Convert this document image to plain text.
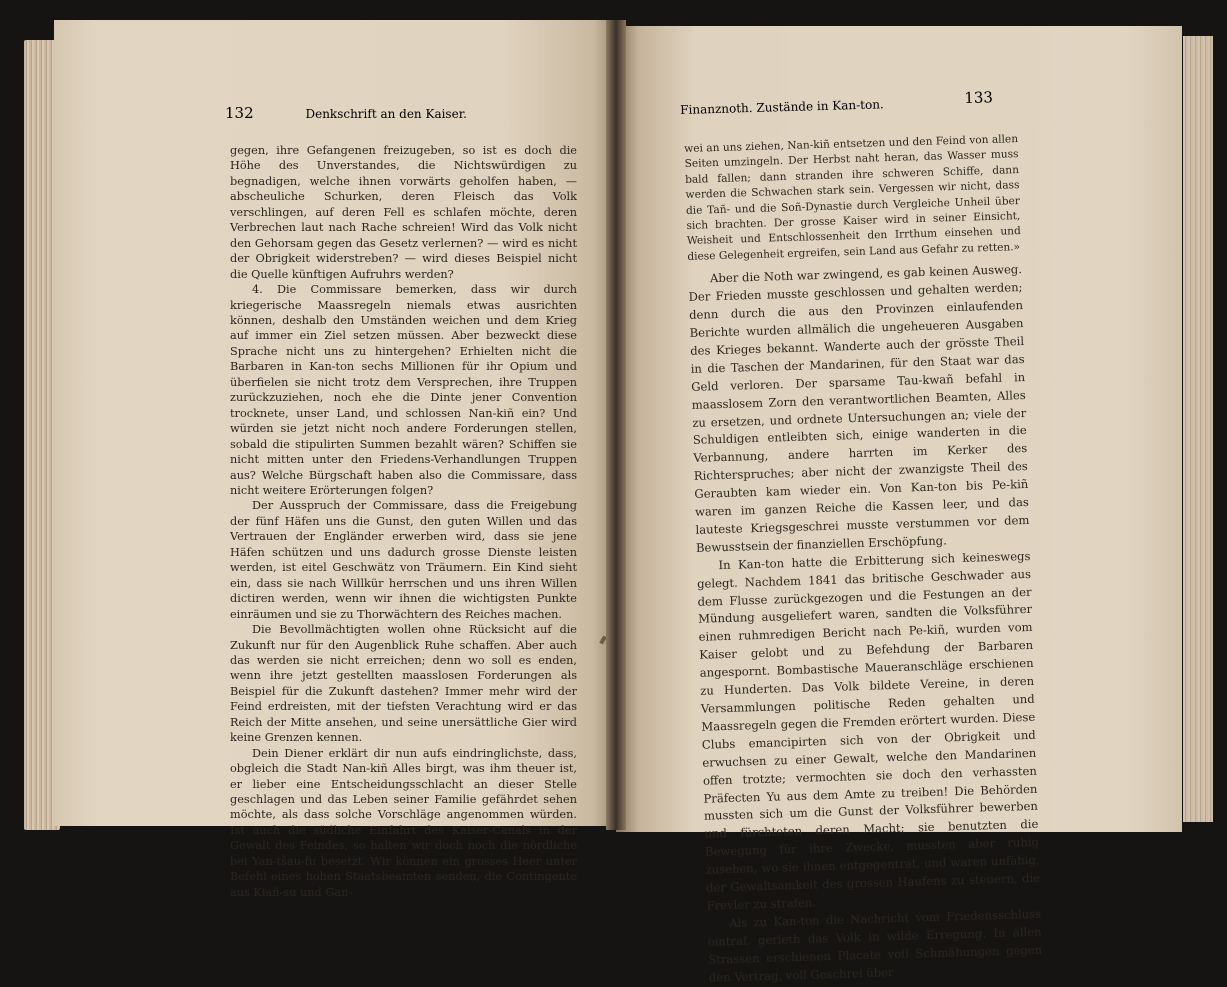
132	Denkschrift an den Kaiser.	Finanznoth. Zustände in Kan-ton.	133

gegen, ihre Gefangenen freizugeben, so ist es doch die Höhe des Unverstandes, die Nichtswürdigen zu begnadigen, welche ihnen vorwärts geholfen haben, — abscheuliche Schurken, deren Fleisch das Volk verschlingen, auf deren Fell es schlafen möchte, deren Verbrechen laut nach Rache schreien! Wird das Volk nicht den Gehorsam gegen das Gesetz verlernen? — wird es nicht der Obrigkeit widerstreben? — wird dieses Beispiel nicht die Quelle künftigen Aufruhrs werden?

4. Die Commissare bemerken, dass wir durch kriegerische Maassregeln niemals etwas ausrichten können, deshalb den Umständen weichen und dem Krieg auf immer ein Ziel setzen müssen. Aber bezweckt diese Sprache nicht uns zu hintergehen? Erhielten nicht die Barbaren in Kan-ton sechs Millionen für ihr Opium und überfielen sie nicht trotz dem Versprechen, ihre Truppen zurückzuziehen, noch ehe die Dinte jener Convention trocknete, unser Land, und schlossen Nan-kiñ ein? Und würden sie jetzt nicht noch andere Forderungen stellen, sobald die stipulirten Summen bezahlt wären? Schiffen sie nicht mitten unter den Friedens-Verhandlungen Truppen aus? Welche Bürgschaft haben also die Commissare, dass nicht weitere Erörterungen folgen?

Der Ausspruch der Commissare, dass die Freigebung der fünf Häfen uns die Gunst, den guten Willen und das Vertrauen der Engländer erwerben wird, dass sie jene Häfen schützen und uns dadurch grosse Dienste leisten werden, ist eitel Geschwätz von Träumern. Ein Kind sieht ein, dass sie nach Willkür herrschen und uns ihren Willen dictiren werden, wenn wir ihnen die wichtigsten Punkte einräumen und sie zu Thorwächtern des Reiches machen.

Die Bevollmächtigten wollen ohne Rücksicht auf die Zukunft nur für den Augenblick Ruhe schaffen. Aber auch das werden sie nicht erreichen; denn wo soll es enden, wenn ihre jetzt gestellten maasslosen Forderungen als Beispiel für die Zukunft dastehen? Immer mehr wird der Feind erdreisten, mit der tiefsten Verachtung wird er das Reich der Mitte ansehen, und seine unersättliche Gier wird keine Grenzen kennen.

Dein Diener erklärt dir nun aufs eindringlichste, dass, obgleich die Stadt Nan-kiñ Alles birgt, was ihm theuer ist, er lieber eine Entscheidungsschlacht an dieser Stelle geschlagen und das Leben seiner Familie gefährdet sehen möchte, als dass solche Vorschläge angenommen würden. Ist auch die südliche Einfahrt des Kaiser-Canals in der Gewalt des Feindes, so halten wir doch noch die nördliche bei Yan-tšau-fu besetzt. Wir können ein grosses Heer unter Befehl eines hohen Staatsbeamten senden, die Contingente aus Kiañ-su und Gan-

wei an uns ziehen, Nan-kiñ entsetzen und den Feind von allen Seiten umzingeln. Der Herbst naht heran, das Wasser muss bald fallen; dann stranden ihre schweren Schiffe, dann werden die Schwachen stark sein. Vergessen wir nicht, dass die Tañ- und die Soñ-Dynastie durch Vergleiche Unheil über sich brachten. Der grosse Kaiser wird in seiner Einsicht, Weisheit und Entschlossenheit den Irrthum einsehen und diese Gelegenheit ergreifen, sein Land aus Gefahr zu retten.»

Aber die Noth war zwingend, es gab keinen Ausweg. Der Frieden musste geschlossen und gehalten werden; denn durch die aus den Provinzen einlaufenden Berichte wurden allmälich die ungeheueren Ausgaben des Krieges bekannt. Wanderte auch der grösste Theil in die Taschen der Mandarinen, für den Staat war das Geld verloren. Der sparsame Tau-kwañ befahl in maasslosem Zorn den verantwortlichen Beamten, Alles zu ersetzen, und ordnete Untersuchungen an; viele der Schuldigen entleibten sich, einige wanderten in die Verbannung, andere harrten im Kerker des Richterspruches; aber nicht der zwanzigste Theil des Geraubten kam wieder ein. Von Kan-ton bis Pe-kiñ waren im ganzen Reiche die Kassen leer, und das lauteste Kriegsgeschrei musste verstummen vor dem Bewusstsein der finanziellen Erschöpfung.

In Kan-ton hatte die Erbitterung sich keineswegs gelegt. Nachdem 1841 das britische Geschwader aus dem Flusse zurückgezogen und die Festungen an der Mündung ausgeliefert waren, sandten die Volksführer einen ruhmredigen Bericht nach Pe-kiñ, wurden vom Kaiser gelobt und zu Befehdung der Barbaren angespornt. Bombastische Maueranschläge erschienen zu Hunderten. Das Volk bildete Vereine, in deren Versammlungen politische Reden gehalten und Maassregeln gegen die Fremden erörtert wurden. Diese Clubs emancipirten sich von der Obrigkeit und erwuchsen zu einer Gewalt, welche den Mandarinen offen trotzte; vermochten sie doch den verhassten Präfecten Yu aus dem Amte zu treiben! Die Behörden mussten sich um die Gunst der Volksführer bewerben und fürchteten deren Macht; sie benutzten die Bewegung für ihre Zwecke, mussten aber ruhig zusehen, wo sie ihnen entgegentrat, und waren unfähig, der Gewaltsamkeit des grossen Haufens zu steuern, die Frevler zu strafen.

Als zu Kan-ton die Nachricht vom Friedensschluss eintraf, gerieth das Volk in wilde Erregung. In allen Strassen erschienen Placate voll Schmähungen gegen den Vertrag, voll Geschrei über
